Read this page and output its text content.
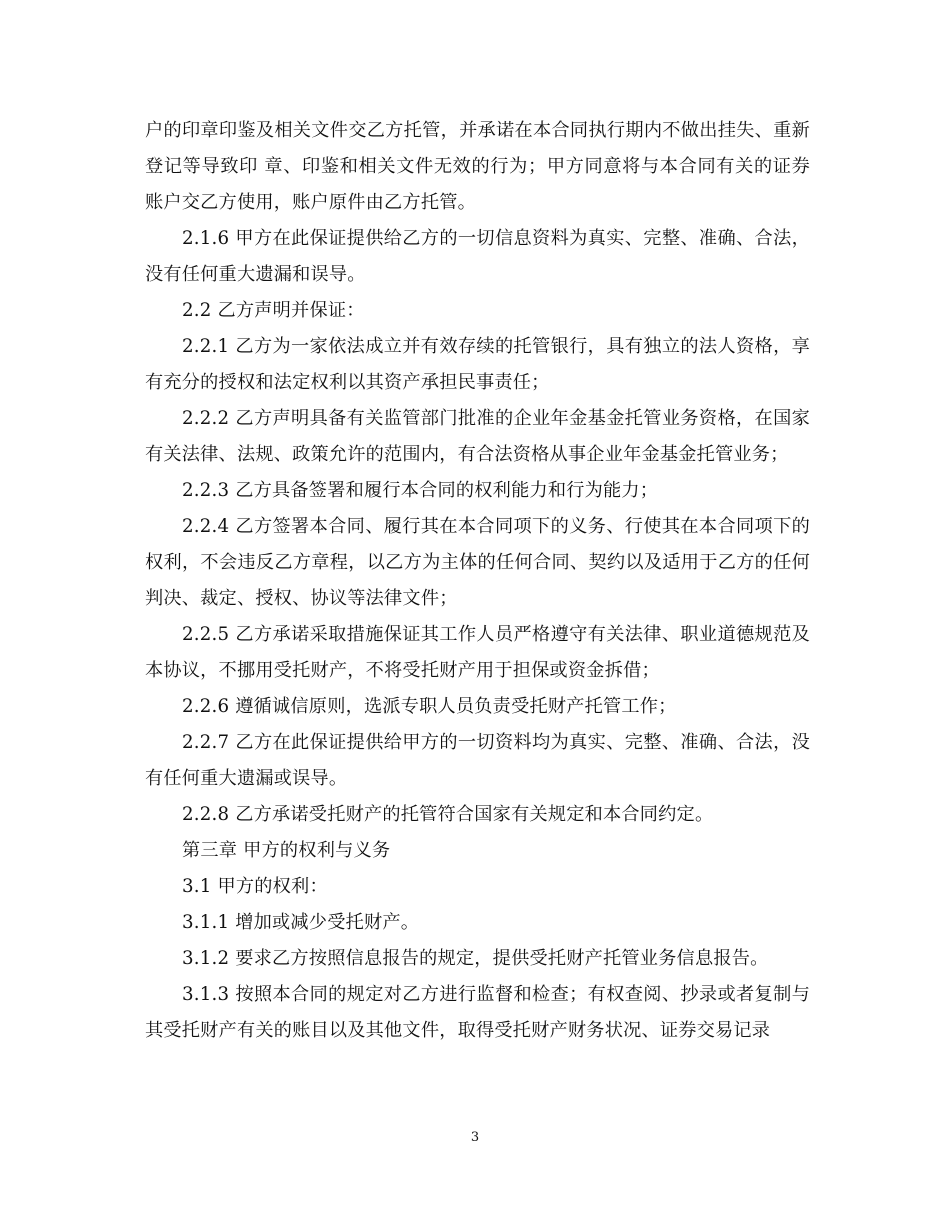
户的印章印鉴及相关文件交乙方托管，并承诺在本合同执行期内不做出挂失、重新登记等导致印 章、印鉴和相关文件无效的行为；甲方同意将与本合同有关的证券账户交乙方使用，账户原件由乙方托管。

2.1.6 甲方在此保证提供给乙方的一切信息资料为真实、完整、准确、合法，没有任何重大遗漏和误导。

2.2 乙方声明并保证：

2.2.1 乙方为一家依法成立并有效存续的托管银行，具有独立的法人资格，享有充分的授权和法定权利以其资产承担民事责任；

2.2.2 乙方声明具备有关监管部门批准的企业年金基金托管业务资格，在国家有关法律、法规、政策允许的范围内，有合法资格从事企业年金基金托管业务；

2.2.3 乙方具备签署和履行本合同的权利能力和行为能力；

2.2.4 乙方签署本合同、履行其在本合同项下的义务、行使其在本合同项下的权利，不会违反乙方章程，以乙方为主体的任何合同、契约以及适用于乙方的任何判决、裁定、授权、协议等法律文件；

2.2.5 乙方承诺采取措施保证其工作人员严格遵守有关法律、职业道德规范及本协议，不挪用受托财产，不将受托财产用于担保或资金拆借；

2.2.6 遵循诚信原则，选派专职人员负责受托财产托管工作；

2.2.7 乙方在此保证提供给甲方的一切资料均为真实、完整、准确、合法，没有任何重大遗漏或误导。

2.2.8 乙方承诺受托财产的托管符合国家有关规定和本合同约定。

第三章 甲方的权利与义务

3.1 甲方的权利：

3.1.1 增加或减少受托财产。

3.1.2 要求乙方按照信息报告的规定，提供受托财产托管业务信息报告。

3.1.3 按照本合同的规定对乙方进行监督和检查；有权查阅、抄录或者复制与其受托财产有关的账目以及其他文件，取得受托财产财务状况、证券交易记录

3
